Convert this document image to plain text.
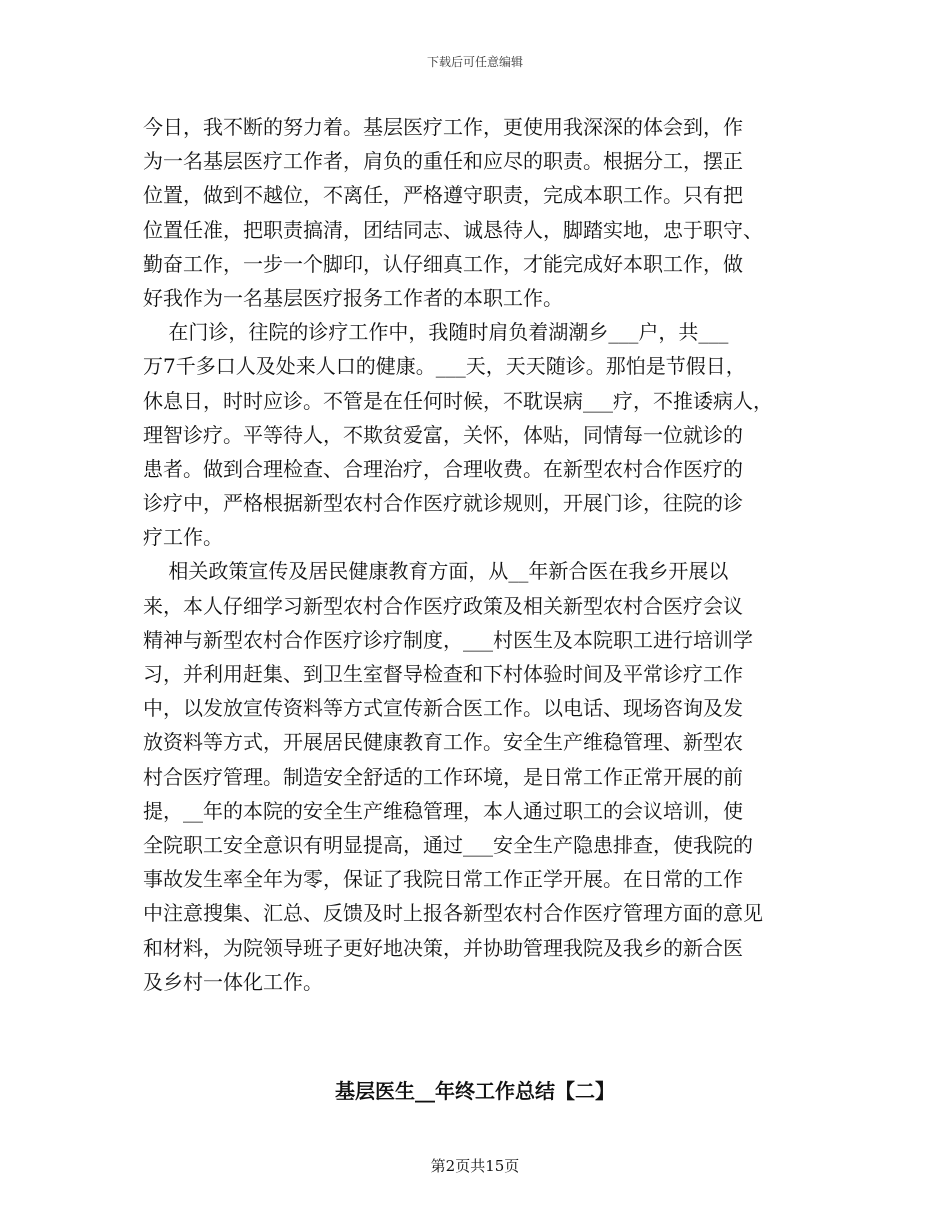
下载后可任意编辑
今日，我不断的努力着。基层医疗工作，更使用我深深的体会到，作
为一名基层医疗工作者，肩负的重任和应尽的职责。根据分工，摆正
位置，做到不越位，不离任，严格遵守职责，完成本职工作。只有把
位置任准，把职责搞清，团结同志、诚恳待人，脚踏实地，忠于职守、
勤奋工作，一步一个脚印，认仔细真工作，才能完成好本职工作，做
好我作为一名基层医疗报务工作者的本职工作。
在门诊，往院的诊疗工作中，我随时肩负着湖潮乡___户，共___
万7千多口人及处来人口的健康。___天，天天随诊。那怕是节假日，
休息日，时时应诊。不管是在任何时候，不耽误病___疗，不推诿病人，
理智诊疗。平等待人，不欺贫爱富，关怀，体贴，同情每一位就诊的
患者。做到合理检查、合理治疗，合理收费。在新型农村合作医疗的
诊疗中，严格根据新型农村合作医疗就诊规则，开展门诊，往院的诊
疗工作。
相关政策宣传及居民健康教育方面，从__年新合医在我乡开展以
来，本人仔细学习新型农村合作医疗政策及相关新型农村合医疗会议
精神与新型农村合作医疗诊疗制度，___村医生及本院职工进行培训学
习，并利用赶集、到卫生室督导检查和下村体验时间及平常诊疗工作
中，以发放宣传资料等方式宣传新合医工作。以电话、现场咨询及发
放资料等方式，开展居民健康教育工作。安全生产维稳管理、新型农
村合医疗管理。制造安全舒适的工作环境，是日常工作正常开展的前
提，__年的本院的安全生产维稳管理，本人通过职工的会议培训，使
全院职工安全意识有明显提高，通过___安全生产隐患排查，使我院的
事故发生率全年为零，保证了我院日常工作正学开展。在日常的工作
中注意搜集、汇总、反馈及时上报各新型农村合作医疗管理方面的意见
和材料，为院领导班子更好地决策，并协助管理我院及我乡的新合医
及乡村一体化工作。
基层医生__年终工作总结【二】
第2页共15页
